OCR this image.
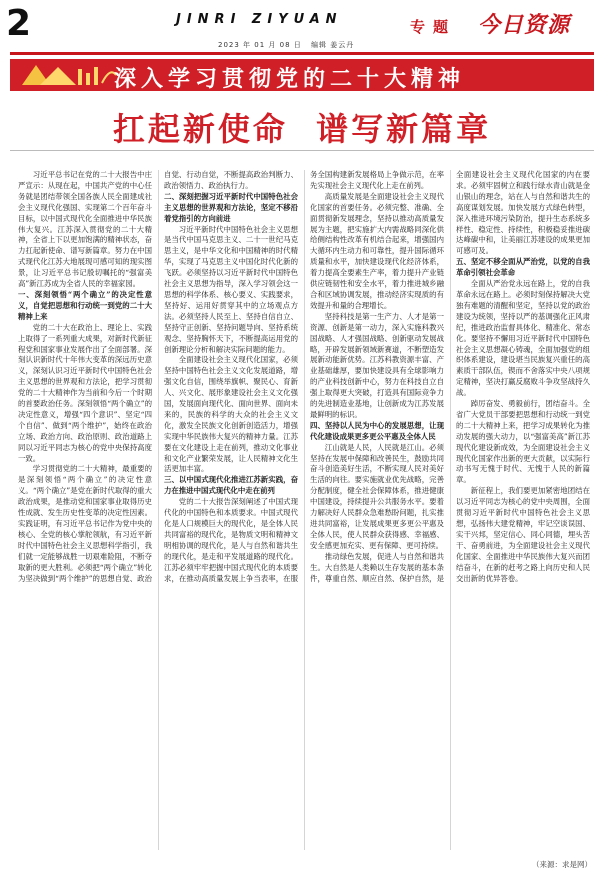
2	JINRI ZIYUAN
2023 年 01 月 08 日 编辑 姜云丹
专题 今日资源
深入学习贯彻党的二十大精神
扛起新使命  谱写新篇章

习近平总书记在党的二十大报告中庄严宣示：从现在起，中国共产党的中心任务就是团结带领全国各族人民全面建成社会主义现代化强国、实现第二个百年奋斗目标，以中国式现代化全面推进中华民族伟大复兴。江苏深入贯彻党的二十大精神，全省上下以更加饱满的精神状态，奋力扛起新使命、谱写新篇章。努力在中国式现代化江苏大地展现可感可知的现实图景，让习近平总书记殷切嘱托的“强富美高”新江苏成为全省人民的幸福家园。

一、深刻领悟“两个确立”的决定性意义，自觉把思想和行动统一到党的二十大精神上来

党的二十大在政治上、理论上、实践上取得了一系列重大成果，对新时代新征程党和国家事业发展作出了全面部署。深刻认识新时代十年伟大变革的深远历史意义，深刻认识习近平新时代中国特色社会主义思想的世界观和方法论，把学习贯彻党的二十大精神作为当前和今后一个时期的首要政治任务。深刻领悟“两个确立”的决定性意义，增强“四个意识”、坚定“四个自信”、做到“两个维护”，始终在政治立场、政治方向、政治原则、政治道路上同以习近平同志为核心的党中央保持高度一致。

学习贯彻党的二十大精神，最重要的是深刻领悟“两个确立”的决定性意义。“两个确立”是党在新时代取得的重大政治成果，是推动党和国家事业取得历史性成就、发生历史性变革的决定性因素。实践证明，有习近平总书记作为党中央的核心、全党的核心掌舵领航，有习近平新时代中国特色社会主义思想科学指引，我们就一定能够战胜一切艰难险阻，不断夺取新的更大胜利。必须把“两个确立”转化为坚决做到“两个维护”的思想自觉、政治自觉、行动自觉，不断提高政治判断力、政治领悟力、政治执行力。

二、深刻把握习近平新时代中国特色社会主义思想的世界观和方法论，坚定不移沿着党指引的方向前进

习近平新时代中国特色社会主义思想是当代中国马克思主义、二十一世纪马克思主义，是中华文化和中国精神的时代精华，实现了马克思主义中国化时代化新的飞跃。必须坚持以习近平新时代中国特色社会主义思想为指导，深入学习领会这一思想的科学体系、核心要义、实践要求，坚持好、运用好贯穿其中的立场观点方法。必须坚持人民至上、坚持自信自立、坚持守正创新、坚持问题导向、坚持系统观念、坚持胸怀天下，不断提高运用党的创新理论分析和解决实际问题的能力。

全面建设社会主义现代化国家，必须坚持中国特色社会主义文化发展道路，增强文化自信，围绕举旗帜、聚民心、育新人、兴文化、展形象建设社会主义文化强国，发展面向现代化、面向世界、面向未来的，民族的科学的大众的社会主义文化，激发全民族文化创新创造活力，增强实现中华民族伟大复兴的精神力量。江苏要在文化建设上走在前列，推动文化事业和文化产业繁荣发展，让人民精神文化生活更加丰富。

三、以中国式现代化推进江苏新实践，奋力在推进中国式现代化中走在前列

党的二十大报告深刻阐述了中国式现代化的中国特色和本质要求。中国式现代化是人口规模巨大的现代化，是全体人民共同富裕的现代化，是物质文明和精神文明相协调的现代化，是人与自然和谐共生的现代化，是走和平发展道路的现代化。江苏必须牢牢把握中国式现代化的本质要求，在推动高质量发展上争当表率，在服务全国构建新发展格局上争做示范，在率先实现社会主义现代化上走在前列。

高质量发展是全面建设社会主义现代化国家的首要任务。必须完整、准确、全面贯彻新发展理念，坚持以推动高质量发展为主题，把实施扩大内需战略同深化供给侧结构性改革有机结合起来，增强国内大循环内生动力和可靠性，提升国际循环质量和水平，加快建设现代化经济体系，着力提高全要素生产率，着力提升产业链供应链韧性和安全水平，着力推进城乡融合和区域协调发展，推动经济实现质的有效提升和量的合理增长。

坚持科技是第一生产力、人才是第一资源、创新是第一动力，深入实施科教兴国战略、人才强国战略、创新驱动发展战略，开辟发展新领域新赛道，不断塑造发展新动能新优势。江苏科教资源丰富、产业基础雄厚，要加快建设具有全球影响力的产业科技创新中心，努力在科技自立自强上取得更大突破，打造具有国际竞争力的先进制造业基地，让创新成为江苏发展最鲜明的标识。

四、坚持以人民为中心的发展思想，让现代化建设成果更多更公平惠及全体人民

江山就是人民，人民就是江山。必须坚持在发展中保障和改善民生，鼓励共同奋斗创造美好生活，不断实现人民对美好生活的向往。要实施就业优先战略，完善分配制度，健全社会保障体系，推进健康中国建设，持续提升公共服务水平。要着力解决好人民群众急难愁盼问题，扎实推进共同富裕，让发展成果更多更公平惠及全体人民，使人民群众获得感、幸福感、安全感更加充实、更有保障、更可持续。

推动绿色发展，促进人与自然和谐共生。大自然是人类赖以生存发展的基本条件，尊重自然、顺应自然、保护自然，是全面建设社会主义现代化国家的内在要求。必须牢固树立和践行绿水青山就是金山银山的理念，站在人与自然和谐共生的高度谋划发展。加快发展方式绿色转型，深入推进环境污染防治，提升生态系统多样性、稳定性、持续性，积极稳妥推进碳达峰碳中和，让美丽江苏建设的成果更加可感可及。

五、坚定不移全面从严治党，以党的自我革命引领社会革命

全面从严治党永远在路上，党的自我革命永远在路上。必须时刻保持解决大党独有难题的清醒和坚定，坚持以党的政治建设为统领，坚持以严的基调强化正风肃纪，推进政治监督具体化、精准化、常态化。要坚持不懈用习近平新时代中国特色社会主义思想凝心铸魂，全面加强党的组织体系建设，建设堪当民族复兴重任的高素质干部队伍，锲而不舍落实中央八项规定精神，坚决打赢反腐败斗争攻坚战持久战。

踔厉奋发、勇毅前行，团结奋斗。全省广大党员干部要把思想和行动统一到党的二十大精神上来，把学习成果转化为推动发展的强大动力，以“强富美高”新江苏现代化建设新成效，为全面建设社会主义现代化国家作出新的更大贡献，以实际行动书写无愧于时代、无愧于人民的新篇章。

新征程上，我们要更加紧密地团结在以习近平同志为核心的党中央周围，全面贯彻习近平新时代中国特色社会主义思想，弘扬伟大建党精神，牢记空谈误国、实干兴邦，坚定信心、同心同德，埋头苦干、奋勇前进，为全面建设社会主义现代化国家、全面推进中华民族伟大复兴而团结奋斗，在新的赶考之路上向历史和人民交出新的优异答卷。

（来源：求是网）
